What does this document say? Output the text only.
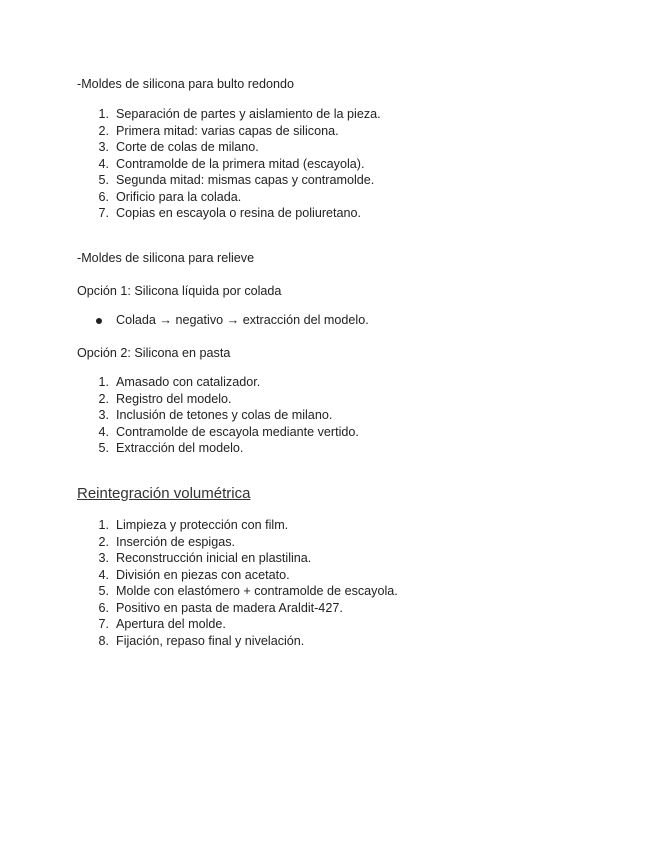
-Moldes de silicona para bulto redondo
1. Separación de partes y aislamiento de la pieza.
2. Primera mitad: varias capas de silicona.
3. Corte de colas de milano.
4. Contramolde de la primera mitad (escayola).
5. Segunda mitad: mismas capas y contramolde.
6. Orificio para la colada.
7. Copias en escayola o resina de poliuretano.
-Moldes de silicona para relieve
Opción 1: Silicona líquida por colada
Colada → negativo → extracción del modelo.
Opción 2: Silicona en pasta
1. Amasado con catalizador.
2. Registro del modelo.
3. Inclusión de tetones y colas de milano.
4. Contramolde de escayola mediante vertido.
5. Extracción del modelo.
Reintegración volumétrica
1. Limpieza y protección con film.
2. Inserción de espigas.
3. Reconstrucción inicial en plastilina.
4. División en piezas con acetato.
5. Molde con elastómero + contramolde de escayola.
6. Positivo en pasta de madera Araldit-427.
7. Apertura del molde.
8. Fijación, repaso final y nivelación.
